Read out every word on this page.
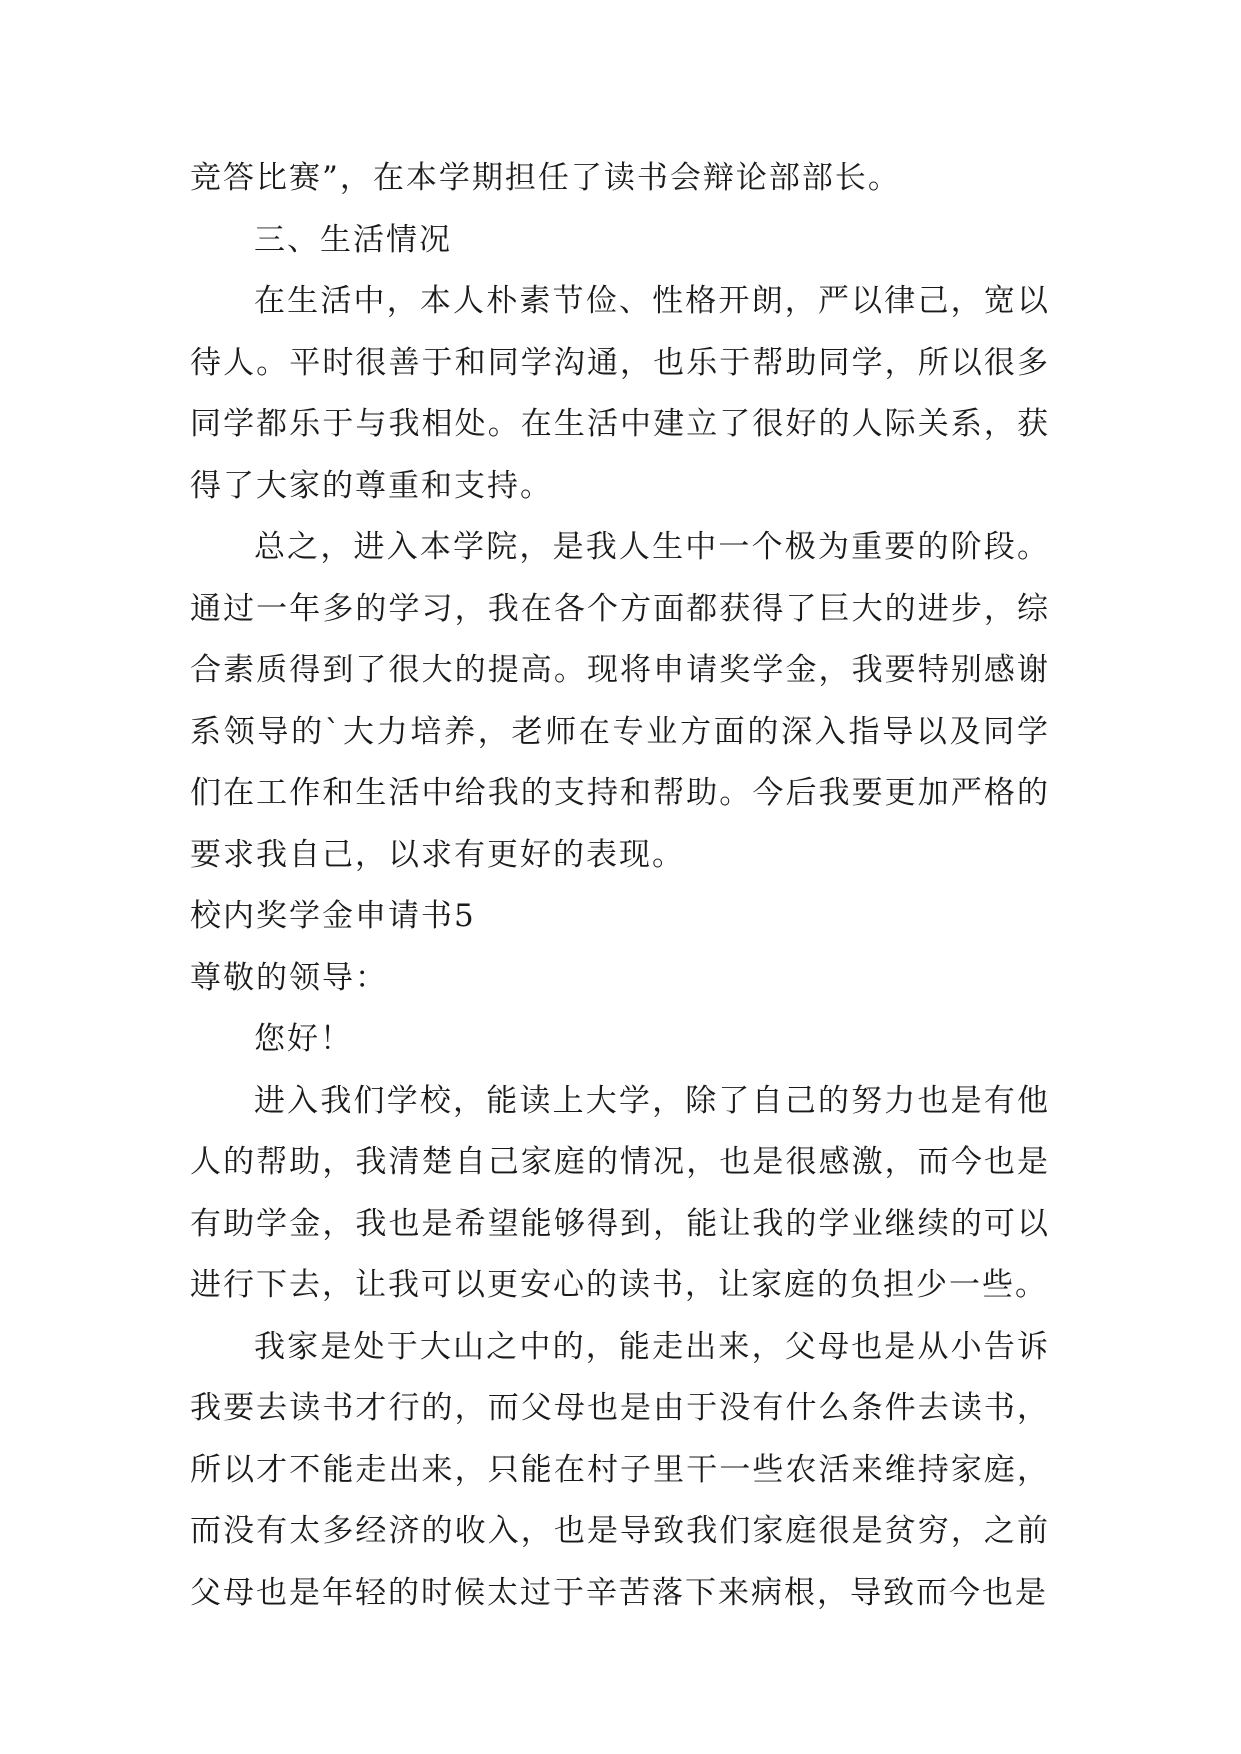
竞答比赛”，在本学期担任了读书会辩论部部长。

三、生活情况

在生活中，本人朴素节俭、性格开朗，严以律己，宽以待人。平时很善于和同学沟通，也乐于帮助同学，所以很多同学都乐于与我相处。在生活中建立了很好的人际关系，获得了大家的尊重和支持。

总之，进入本学院，是我人生中一个极为重要的阶段。通过一年多的学习，我在各个方面都获得了巨大的进步，综合素质得到了很大的提高。现将申请奖学金，我要特别感谢系领导的`大力培养，老师在专业方面的深入指导以及同学们在工作和生活中给我的支持和帮助。今后我要更加严格的要求我自己，以求有更好的表现。

校内奖学金申请书5

尊敬的领导：

您好！

进入我们学校，能读上大学，除了自己的努力也是有他人的帮助，我清楚自己家庭的情况，也是很感激，而今也是有助学金，我也是希望能够得到，能让我的学业继续的可以进行下去，让我可以更安心的读书，让家庭的负担少一些。

我家是处于大山之中的，能走出来，父母也是从小告诉我要去读书才行的，而父母也是由于没有什么条件去读书，所以才不能走出来，只能在村子里干一些农活来维持家庭，而没有太多经济的收入，也是导致我们家庭很是贫穷，之前父母也是年轻的时候太过于辛苦落下来病根，导致而今也是
